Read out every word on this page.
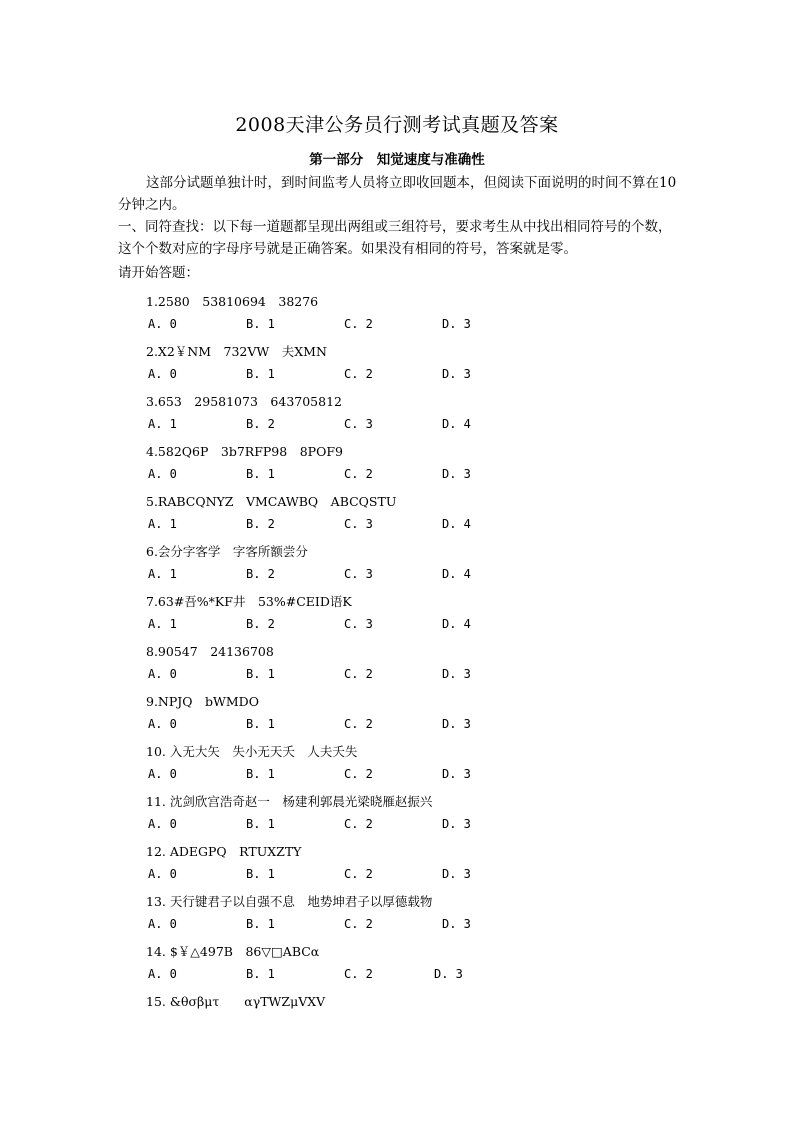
2008天津公务员行测考试真题及答案
第一部分　知觉速度与准确性
这部分试题单独计时，到时间监考人员将立即收回题本，但阅读下面说明的时间不算在10分钟之内。
一、同符查找：以下每一道题都呈现出两组或三组符号，要求考生从中找出相同符号的个数，这个个数对应的字母序号就是正确答案。如果没有相同的符号，答案就是零。
请开始答题：
1.2580　53810694　38276
A. 0	B. 1	C. 2	D. 3
2.X2￥NM　732VW　夫XMN
A. 0	B. 1	C. 2	D. 3
3.653　29581073　643705812
A. 1	B. 2	C. 3	D. 4
4.582Q6P　3b7RFP98　8POF9
A. 0	B. 1	C. 2	D. 3
5.RABCQNYZ　VMCAWBQ　ABCQSTU
A. 1	B. 2	C. 3	D. 4
6.会分字客学　字客所额尝分
A. 1	B. 2	C. 3	D. 4
7.63#吾%*KF井　53%#CEID语K
A. 1	B. 2	C. 3	D. 4
8.90547　24136708
A. 0	B. 1	C. 2	D. 3
9.NPJQ　bWMDO
A. 0	B. 1	C. 2	D. 3
10. 入无大矢　失小无天夭　人夫夭失
A. 0	B. 1	C. 2	D. 3
11. 沈剑欣宫浩奇赵一　杨建利郭晨光梁晓雁赵振兴
A. 0	B. 1	C. 2	D. 3
12. ADEGPQ　RTUXZTY
A. 0	B. 1	C. 2	D. 3
13. 天行键君子以自强不息　地势坤君子以厚德载物
A. 0	B. 1	C. 2	D. 3
14. $￥△497B　86▽□ABCα
A. 0	B. 1	C. 2	D. 3
15. &θσβμτ　　αγTWZμVXV
